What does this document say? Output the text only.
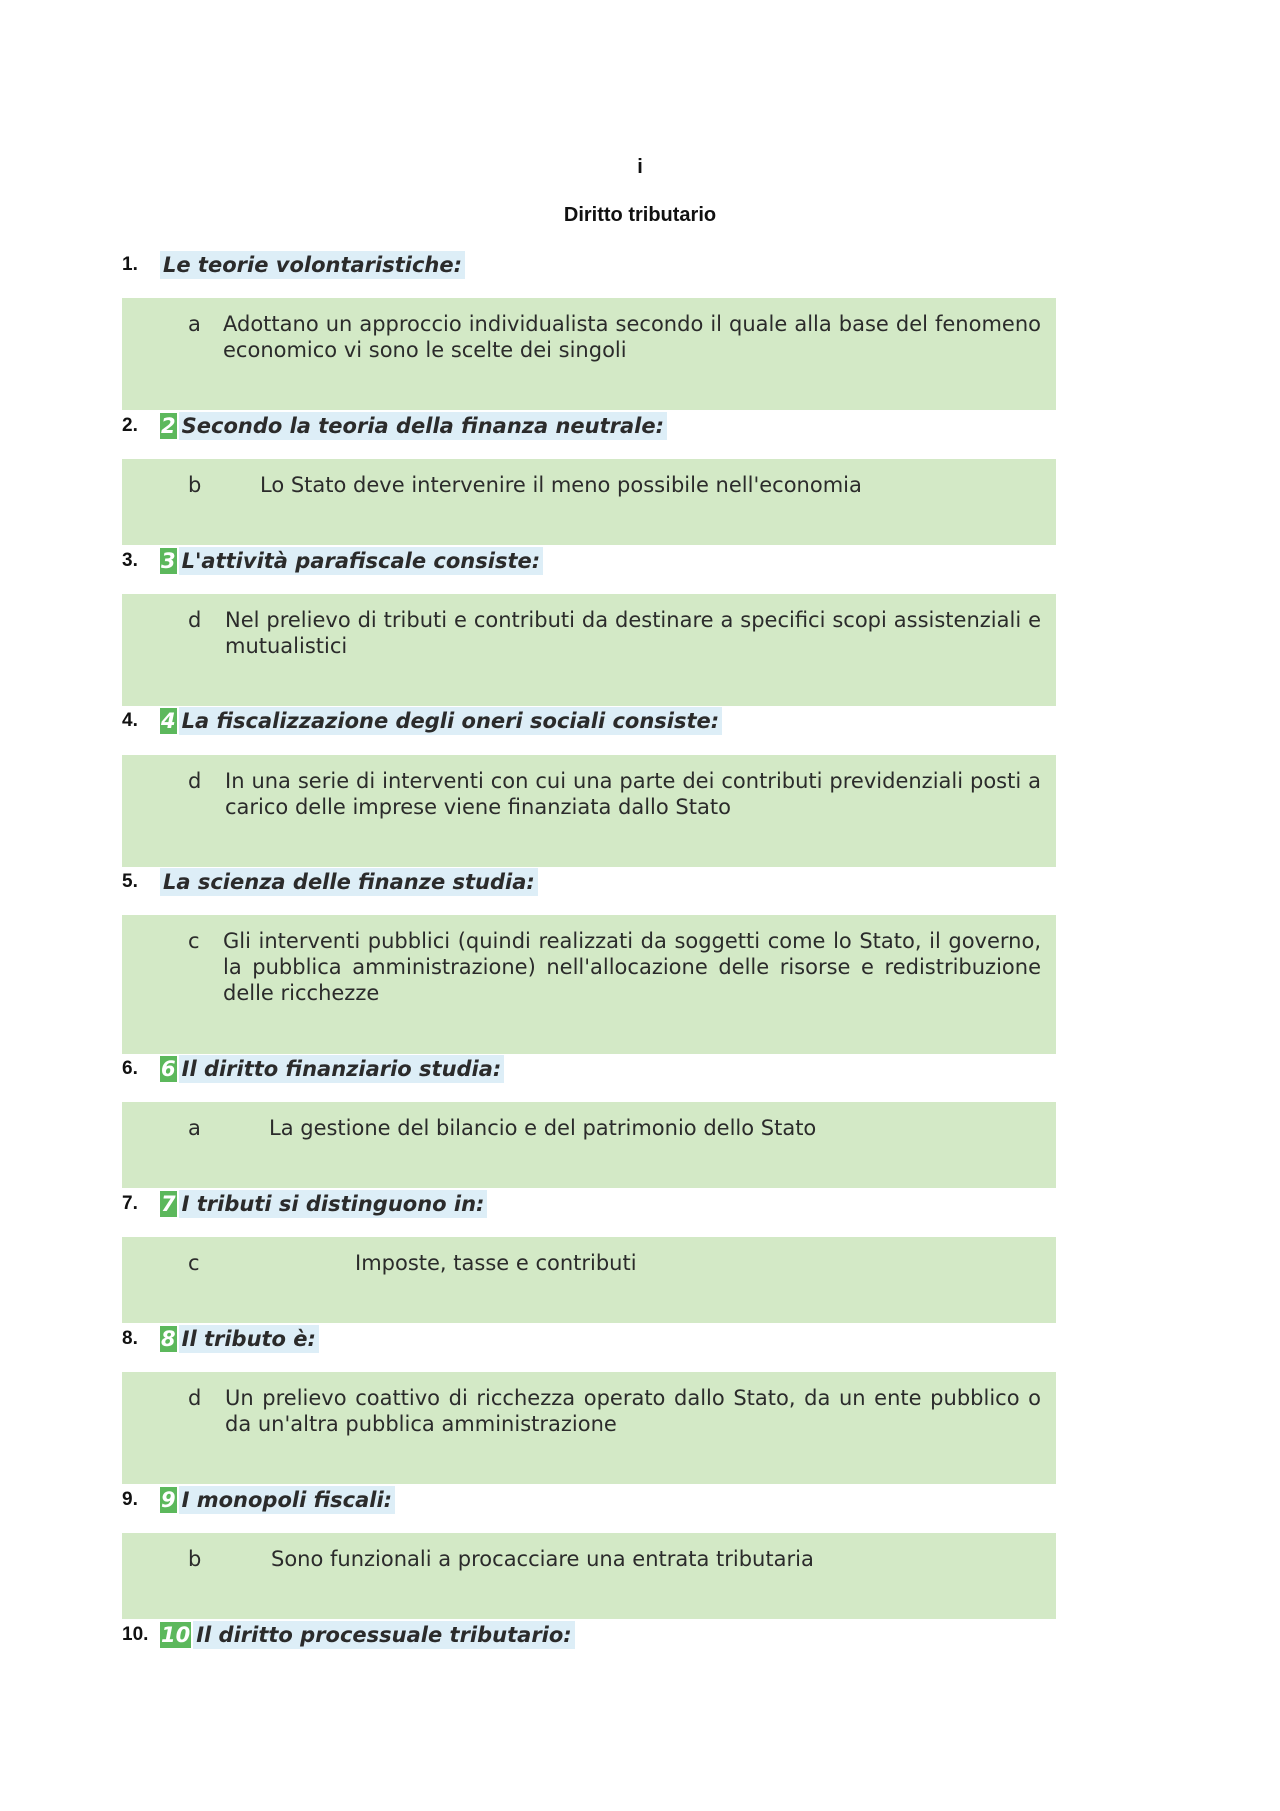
i
Diritto tributario
1.	Le teorie volontaristiche:
a Adottano un approccio individualista secondo il quale alla base del fenomeno economico vi sono le scelte dei singoli
2.	2 Secondo la teoria della finanza neutrale:
b	Lo Stato deve intervenire il meno possibile nell'economia
3.	3 L'attività parafiscale consiste:
d Nel prelievo di tributi e contributi da destinare a specifici scopi assistenziali e mutualistici
4.	4 La fiscalizzazione degli oneri sociali consiste:
d In una serie di interventi con cui una parte dei contributi previdenziali posti a carico delle imprese viene finanziata dallo Stato
5.	La scienza delle finanze studia:
c Gli interventi pubblici (quindi realizzati da soggetti come lo Stato, il governo, la pubblica amministrazione) nell'allocazione delle risorse e redistribuzione delle ricchezze
6.	6 Il diritto finanziario studia:
a	La gestione del bilancio e del patrimonio dello Stato
7.	7 I tributi si distinguono in:
c	Imposte, tasse e contributi
8.	8 Il tributo è:
d Un prelievo coattivo di ricchezza operato dallo Stato, da un ente pubblico o da un'altra pubblica amministrazione
9.	9 I monopoli fiscali:
b	Sono funzionali a procacciare una entrata tributaria
10. 10 Il diritto processuale tributario:
